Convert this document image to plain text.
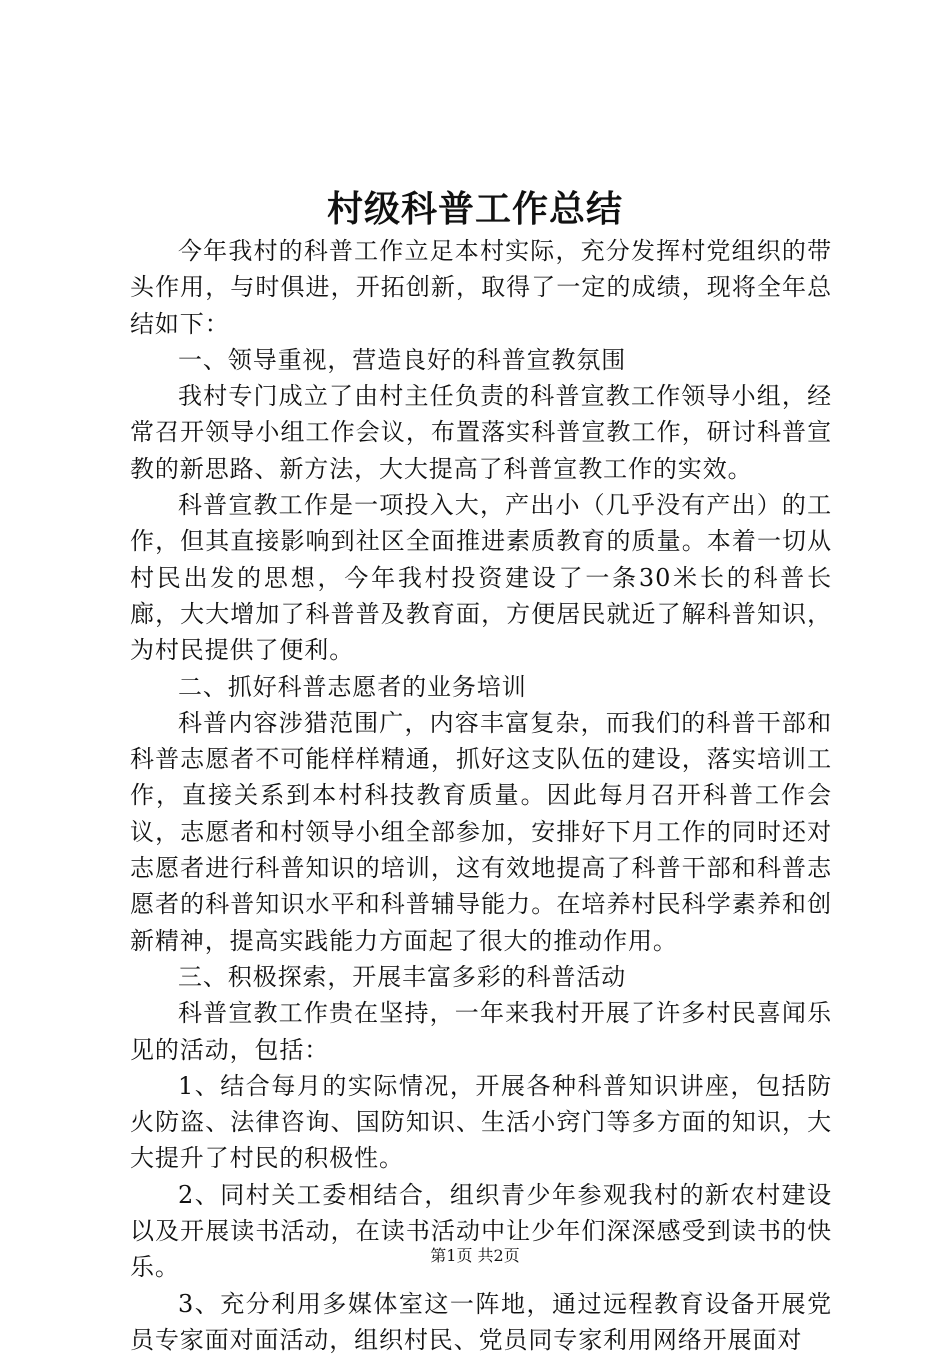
村级科普工作总结

今年我村的科普工作立足本村实际，充分发挥村党组织的带头作用，与时俱进，开拓创新，取得了一定的成绩，现将全年总结如下：

一、领导重视，营造良好的科普宣教氛围

我村专门成立了由村主任负责的科普宣教工作领导小组，经常召开领导小组工作会议，布置落实科普宣教工作，研讨科普宣教的新思路、新方法，大大提高了科普宣教工作的实效。

科普宣教工作是一项投入大，产出小（几乎没有产出）的工作，但其直接影响到社区全面推进素质教育的质量。本着一切从村民出发的思想，今年我村投资建设了一条30米长的科普长廊，大大增加了科普普及教育面，方便居民就近了解科普知识，为村民提供了便利。

二、抓好科普志愿者的业务培训

科普内容涉猎范围广，内容丰富复杂，而我们的科普干部和科普志愿者不可能样样精通，抓好这支队伍的建设，落实培训工作，直接关系到本村科技教育质量。因此每月召开科普工作会议，志愿者和村领导小组全部参加，安排好下月工作的同时还对志愿者进行科普知识的培训，这有效地提高了科普干部和科普志愿者的科普知识水平和科普辅导能力。在培养村民科学素养和创新精神，提高实践能力方面起了很大的推动作用。

三、积极探索，开展丰富多彩的科普活动

科普宣教工作贵在坚持，一年来我村开展了许多村民喜闻乐见的活动，包括：

1、结合每月的实际情况，开展各种科普知识讲座，包括防火防盗、法律咨询、国防知识、生活小窍门等多方面的知识，大大提升了村民的积极性。

2、同村关工委相结合，组织青少年参观我村的新农村建设以及开展读书活动，在读书活动中让少年们深深感受到读书的快乐。

3、充分利用多媒体室这一阵地，通过远程教育设备开展党员专家面对面活动，组织村民、党员同专家利用网络开展面对

第1页 共2页
